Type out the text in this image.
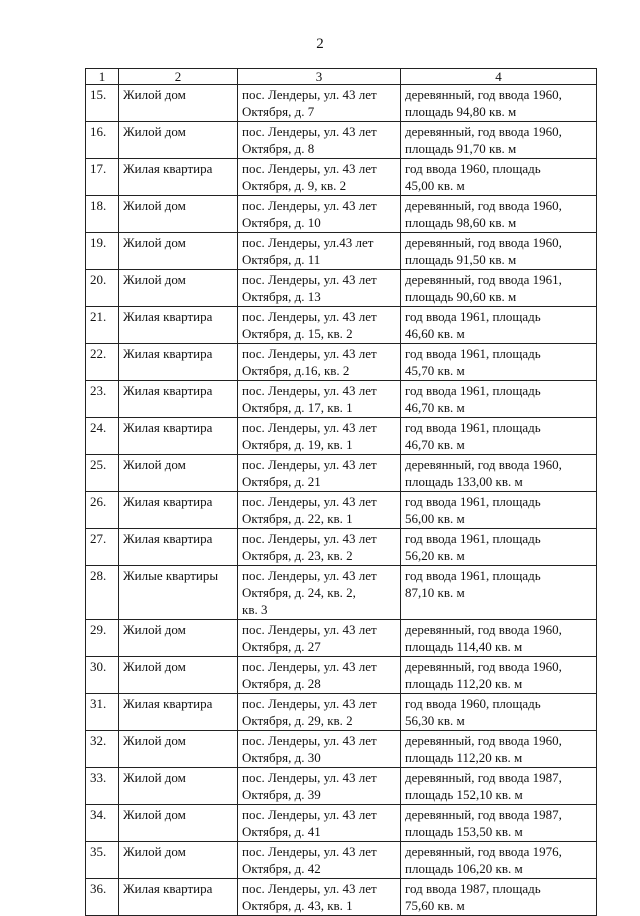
2
1	2	3	4
15.	Жилой дом	пос. Лендеры, ул. 43 лет
Октября, д. 7	деревянный, год ввода 1960,
площадь 94,80 кв. м
16.	Жилой дом	пос. Лендеры, ул. 43 лет
Октября, д. 8	деревянный, год ввода 1960,
площадь 91,70 кв. м
17.	Жилая квартира	пос. Лендеры, ул. 43 лет
Октября, д. 9, кв. 2	год ввода 1960, площадь
45,00 кв. м
18.	Жилой дом	пос. Лендеры, ул. 43 лет
Октября, д. 10	деревянный, год ввода 1960,
площадь 98,60 кв. м
19.	Жилой дом	пос. Лендеры, ул.43 лет
Октября, д. 11	деревянный, год ввода 1960,
площадь 91,50 кв. м
20.	Жилой дом	пос. Лендеры, ул. 43 лет
Октября, д. 13	деревянный, год ввода 1961,
площадь 90,60 кв. м
21.	Жилая квартира	пос. Лендеры, ул. 43 лет
Октября, д. 15, кв. 2	год ввода 1961, площадь
46,60 кв. м
22.	Жилая квартира	пос. Лендеры, ул. 43 лет
Октября, д.16, кв. 2	год ввода 1961, площадь
45,70 кв. м
23.	Жилая квартира	пос. Лендеры, ул. 43 лет
Октября, д. 17, кв. 1	год ввода 1961, площадь
46,70 кв. м
24.	Жилая квартира	пос. Лендеры, ул. 43 лет
Октября, д. 19, кв. 1	год ввода 1961, площадь
46,70 кв. м
25.	Жилой дом	пос. Лендеры, ул. 43 лет
Октября, д. 21	деревянный, год ввода 1960,
площадь 133,00 кв. м
26.	Жилая квартира	пос. Лендеры, ул. 43 лет
Октября, д. 22, кв. 1	год ввода 1961, площадь
56,00 кв. м
27.	Жилая квартира	пос. Лендеры, ул. 43 лет
Октября, д. 23, кв. 2	год ввода 1961, площадь
56,20 кв. м
28.	Жилые квартиры	пос. Лендеры, ул. 43 лет
Октября, д. 24, кв. 2,
кв. 3	год ввода 1961, площадь
87,10 кв. м
29.	Жилой дом	пос. Лендеры, ул. 43 лет
Октября, д. 27	деревянный, год ввода 1960,
площадь 114,40 кв. м
30.	Жилой дом	пос. Лендеры, ул. 43 лет
Октября, д. 28	деревянный, год ввода 1960,
площадь 112,20 кв. м
31.	Жилая квартира	пос. Лендеры, ул. 43 лет
Октября, д. 29, кв. 2	год ввода 1960, площадь
56,30 кв. м
32.	Жилой дом	пос. Лендеры, ул. 43 лет
Октября, д. 30	деревянный, год ввода 1960,
площадь 112,20 кв. м
33.	Жилой дом	пос. Лендеры, ул. 43 лет
Октября, д. 39	деревянный, год ввода 1987,
площадь 152,10 кв. м
34.	Жилой дом	пос. Лендеры, ул. 43 лет
Октября, д. 41	деревянный, год ввода 1987,
площадь 153,50 кв. м
35.	Жилой дом	пос. Лендеры, ул. 43 лет
Октября, д. 42	деревянный, год ввода 1976,
площадь 106,20 кв. м
36.	Жилая квартира	пос. Лендеры, ул. 43 лет
Октября, д. 43, кв. 1	год ввода 1987, площадь
75,60 кв. м
